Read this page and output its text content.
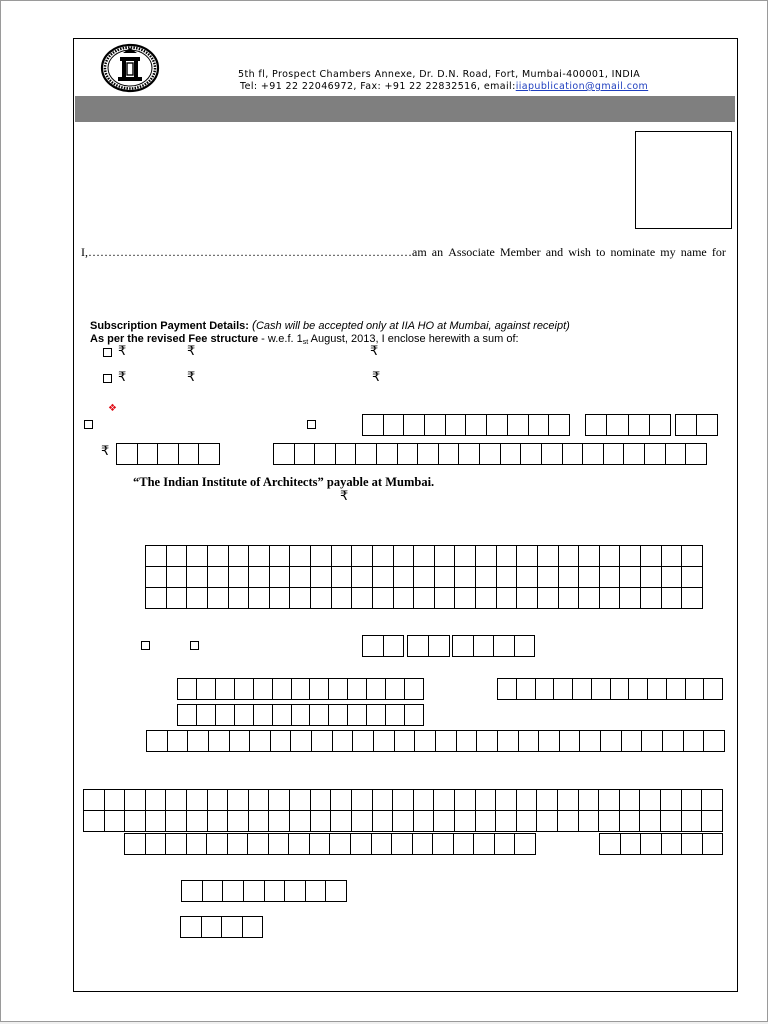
5th fl, Prospect Chambers Annexe, Dr. D.N. Road, Fort, Mumbai-400001, INDIA
Tel: +91 22 22046972, Fax: +91 22 22832516, email:iiapublication@gmail.com
I,………………………………………………………………………am an Associate Member and wish to nominate my name for
Subscription Payment Details: (Cash will be accepted only at IIA HO at Mumbai, against receipt)
As per the revised Fee structure - w.e.f. 1st August, 2013, I enclose herewith a sum of:
₹	₹	₹
₹	₹	₹
❖
₹
“The Indian Institute of Architects” payable at Mumbai.
₹
